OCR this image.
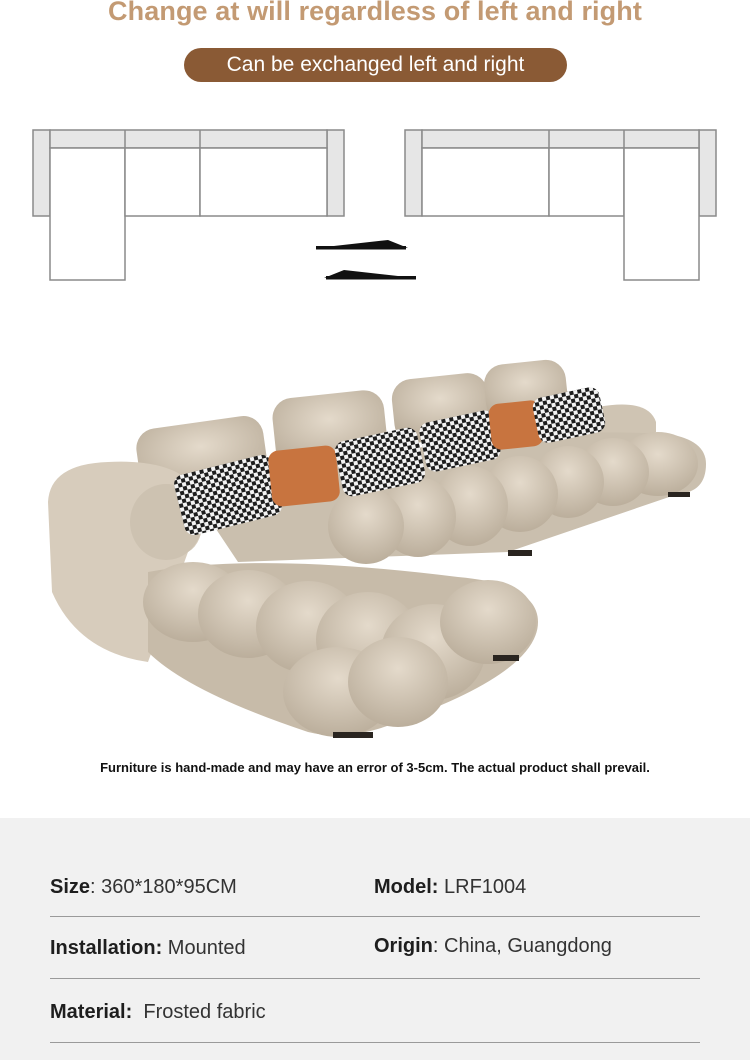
Change at will regardless of left and right
Can be exchanged left and right
Furniture is hand-made and may have an error of 3-5cm. The actual product shall prevail.
Size: 360*180*95CM	Model: LRF1004
Installation: Mounted	Origin: China, Guangdong
Material: Frosted fabric
